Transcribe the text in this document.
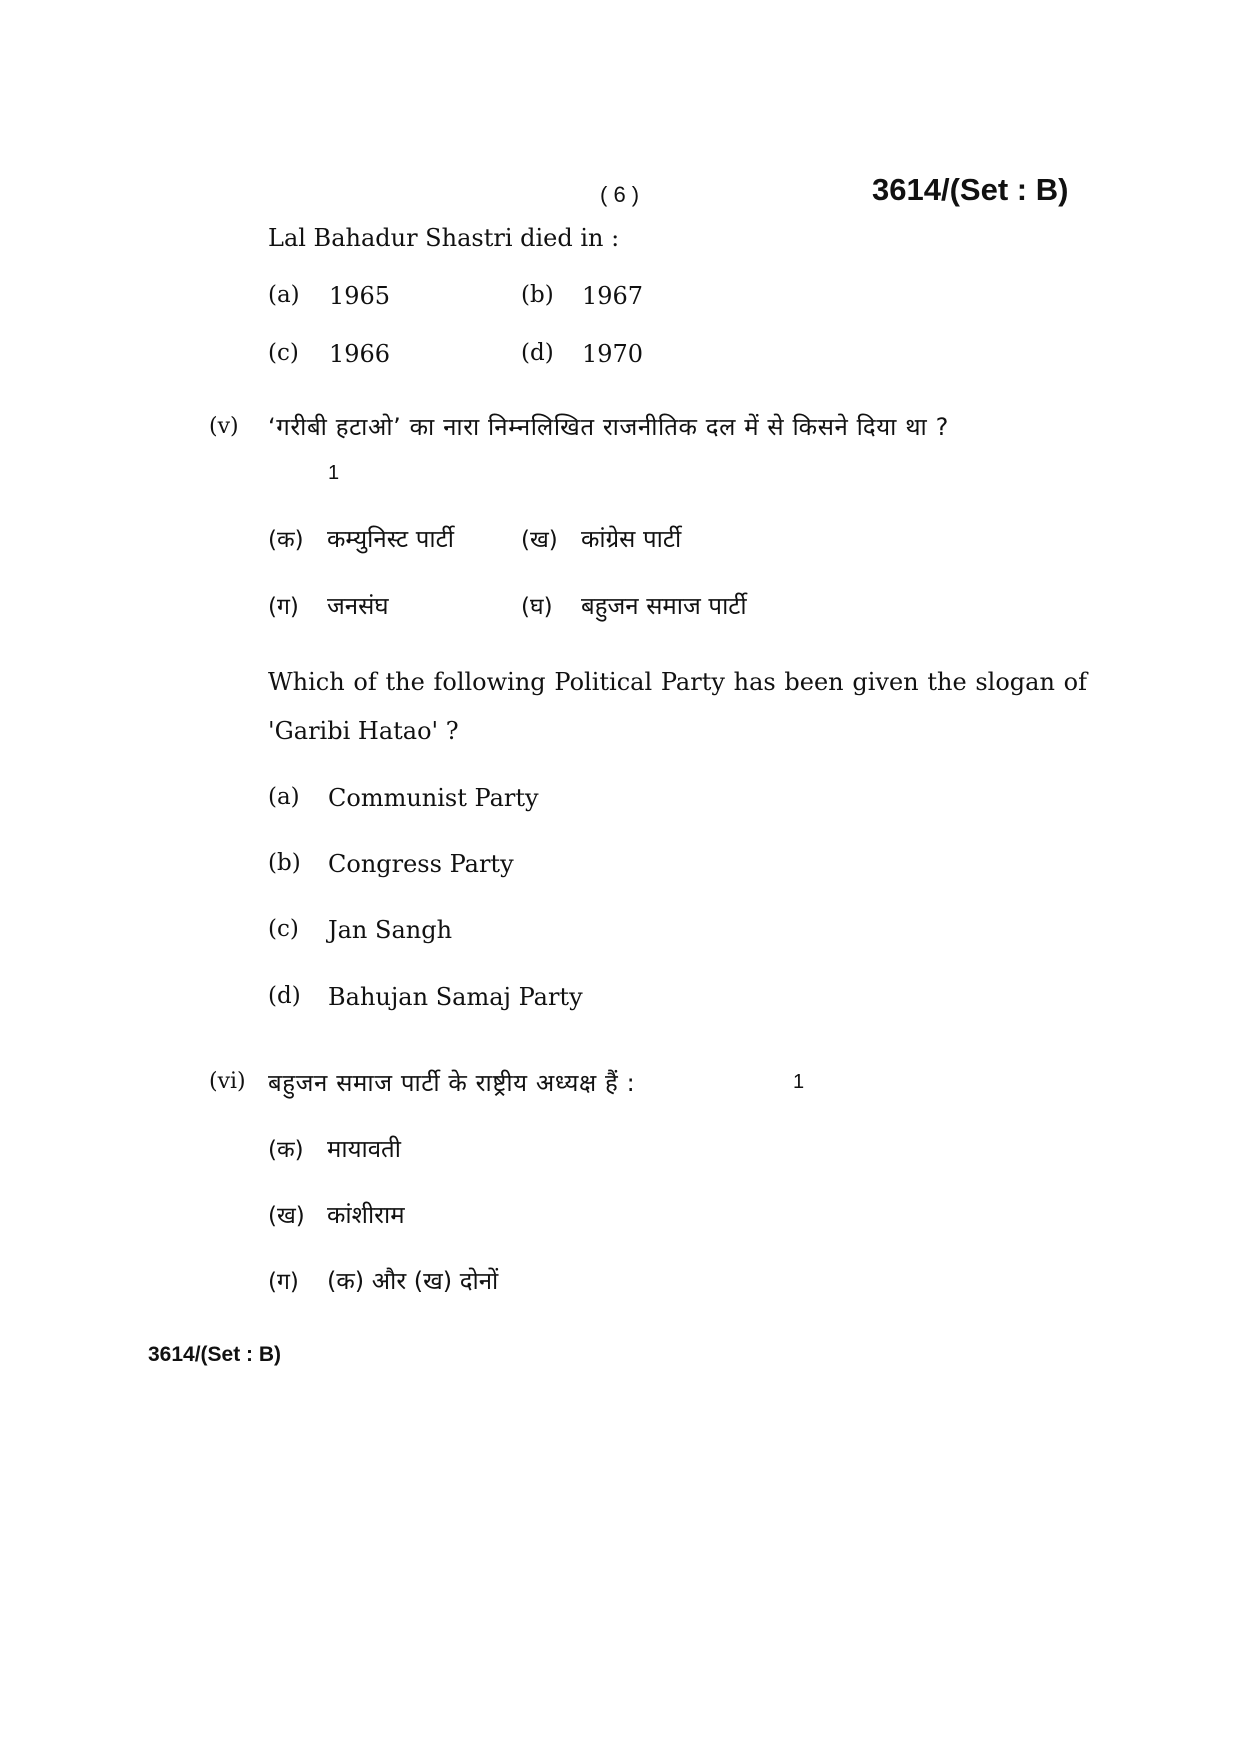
( 6 )	3614/(Set : B)
Lal Bahadur Shastri died in :
(a) 1965	(b) 1967
(c) 1966	(d) 1970
(v) ‘गरीबी हटाओ’ का नारा निम्नलिखित राजनीतिक दल में से किसने दिया था ?
1
(क) कम्युनिस्ट पार्टी	(ख) कांग्रेस पार्टी
(ग) जनसंघ	(घ) बहुजन समाज पार्टी
Which of the following Political Party has been given the slogan of
'Garibi Hatao' ?
(a) Communist Party
(b) Congress Party
(c) Jan Sangh
(d) Bahujan Samaj Party
(vi) बहुजन समाज पार्टी के राष्ट्रीय अध्यक्ष हैं :	1
(क) मायावती
(ख) कांशीराम
(ग) (क) और (ख) दोनों
3614/(Set : B)
